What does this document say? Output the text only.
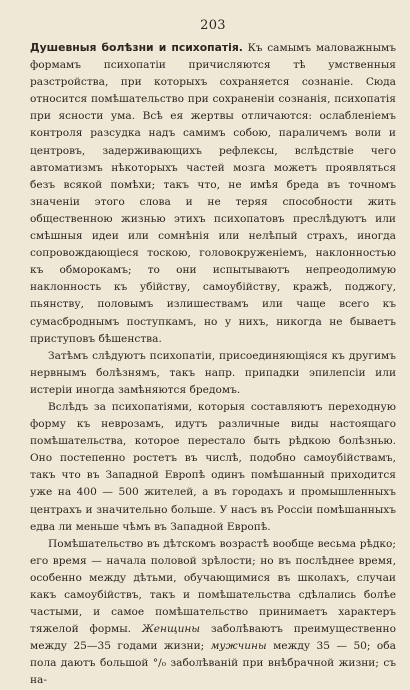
203

Душевныя болѣзни и психопатія. Къ самымъ маловажнымъ формамъ психопатіи причисляются тѣ умственныя разстройства, при которыхъ сохраняется сознаніе. Сюда относится помѣшательство при сохраненіи сознанія, психопатія при ясности ума. Всѣ ея жертвы отличаются: ослабленіемъ контроля разсудка надъ самимъ собою, параличемъ воли и центровъ, задерживающихъ рефлексы, вслѣдствіе чего автоматизмъ нѣкоторыхъ частей мозга можетъ проявляться безъ всякой помѣхи; такъ что, не имѣя бреда въ точномъ значеніи этого слова и не теряя способности жить общественною жизнью этихъ психопатовъ преслѣдуютъ или смѣшныя идеи или сомнѣнія или нелѣпый страхъ, иногда сопровождающіеся тоскою, головокруженіемъ, наклонностью къ обморокамъ; то они испытываютъ непреодолимую наклонность къ убійству, самоубійству, кражѣ, поджогу, пьянству, половымъ излишествамъ или чаще всего къ сумасброднымъ поступкамъ, но у нихъ, никогда не бываетъ приступовъ бѣшенства.

Затѣмъ слѣдуютъ психопатіи, присоединяющіяся къ другимъ нервнымъ болѣзнямъ, такъ напр. припадки эпилепсіи или истеріи иногда замѣняются бредомъ.

Вслѣдъ за психопатіями, которыя составляютъ переходную форму къ неврозамъ, идутъ различные виды настоящаго помѣшательства, которое перестало быть рѣдкою болѣзнью. Оно постепенно ростетъ въ числѣ, подобно самоубійствамъ, такъ что въ Западной Европѣ одинъ помѣшанный приходится уже на 400 — 500 жителей, а въ городахъ и промышленныхъ центрахъ и значительно больше. У насъ въ Россіи помѣшанныхъ едва ли меньше чѣмъ въ Западной Европѣ.

Помѣшательство въ дѣтскомъ возрастѣ вообще весьма рѣдко; его время — начала половой зрѣлости; но въ послѣднее время, особенно между дѣтьми, обучающимися въ школахъ, случаи какъ самоубійствъ, такъ и помѣшательства сдѣлались болѣе частыми, и самое помѣшательство принимаетъ характеръ тяжелой формы. Женщины заболѣваютъ преимущественно между 25—35 годами жизни; мужчины между 35 — 50; оба пола даютъ большой °/₀ заболѣваній при внѣбрачной жизни; съ на-
